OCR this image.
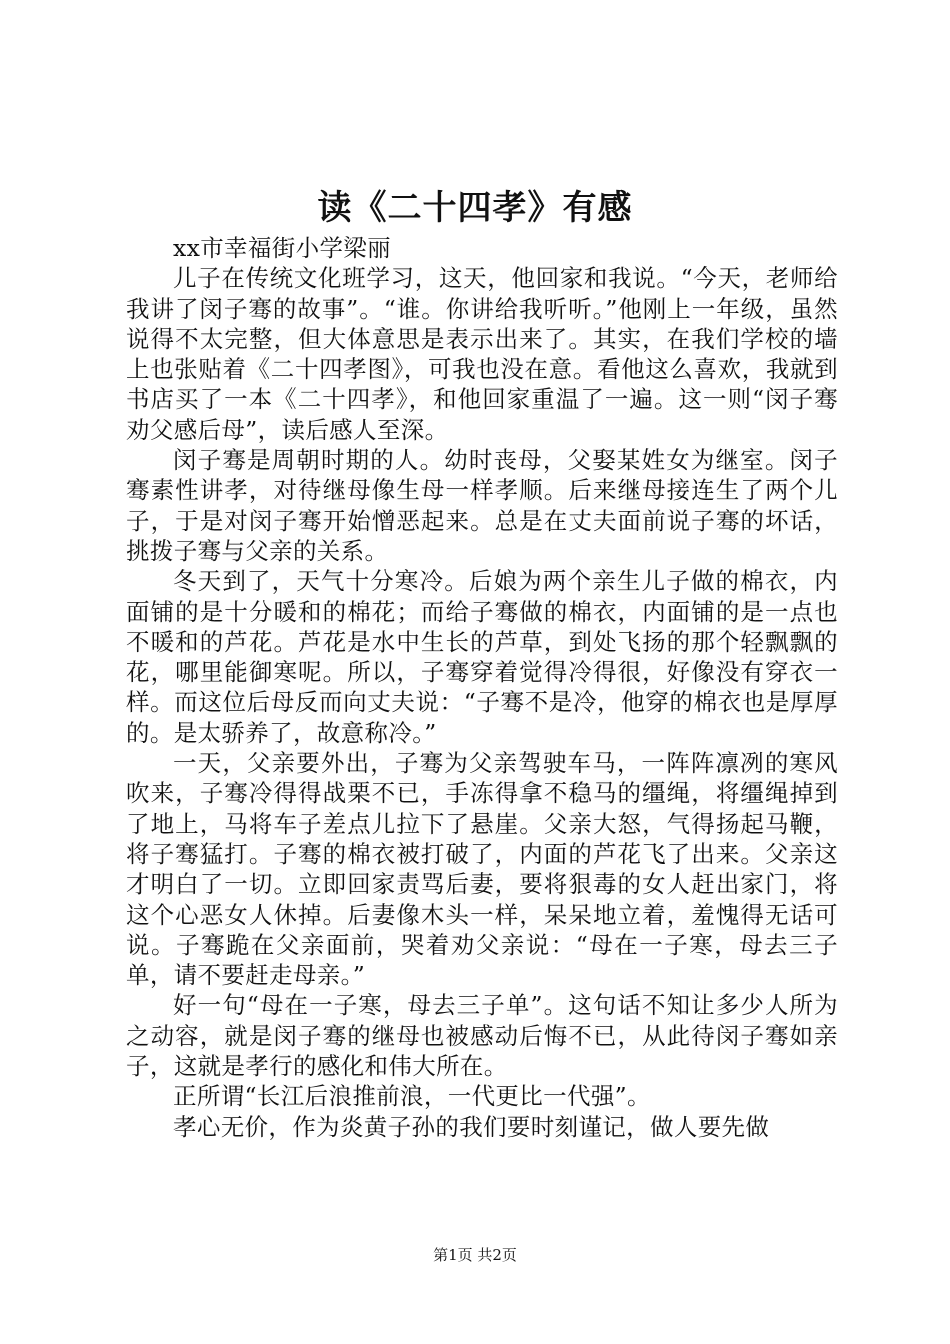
读《二十四孝》有感
xx市幸福街小学梁丽

儿子在传统文化班学习，这天，他回家和我说。“今天，老师给我讲了闵子骞的故事”。“谁。你讲给我听听。”他刚上一年级，虽然说得不太完整，但大体意思是表示出来了。其实，在我们学校的墙上也张贴着《二十四孝图》，可我也没在意。看他这么喜欢，我就到书店买了一本《二十四孝》，和他回家重温了一遍。这一则“闵子骞劝父感后母”，读后感人至深。

闵子骞是周朝时期的人。幼时丧母，父娶某姓女为继室。闵子骞素性讲孝，对待继母像生母一样孝顺。后来继母接连生了两个儿子，于是对闵子骞开始憎恶起来。总是在丈夫面前说子骞的坏话，挑拨子骞与父亲的关系。

冬天到了，天气十分寒冷。后娘为两个亲生儿子做的棉衣，内面铺的是十分暖和的棉花；而给子骞做的棉衣，内面铺的是一点也不暖和的芦花。芦花是水中生长的芦草，到处飞扬的那个轻飘飘的花，哪里能御寒呢。所以，子骞穿着觉得冷得很，好像没有穿衣一样。而这位后母反而向丈夫说：“子骞不是冷，他穿的棉衣也是厚厚的。是太骄养了，故意称冷。”

一天，父亲要外出，子骞为父亲驾驶车马，一阵阵凛冽的寒风吹来，子骞冷得得战栗不已，手冻得拿不稳马的缰绳，将缰绳掉到了地上，马将车子差点儿拉下了悬崖。父亲大怒，气得扬起马鞭，将子骞猛打。子骞的棉衣被打破了，内面的芦花飞了出来。父亲这才明白了一切。立即回家责骂后妻，要将狠毒的女人赶出家门，将这个心恶女人休掉。后妻像木头一样，呆呆地立着，羞愧得无话可说。子骞跪在父亲面前，哭着劝父亲说：“母在一子寒，母去三子单，请不要赶走母亲。”

好一句“母在一子寒，母去三子单”。这句话不知让多少人所为之动容，就是闵子骞的继母也被感动后悔不已，从此待闵子骞如亲子，这就是孝行的感化和伟大所在。

正所谓“长江后浪推前浪，一代更比一代强”。

孝心无价，作为炎黄子孙的我们要时刻谨记，做人要先做

第1页 共2页
